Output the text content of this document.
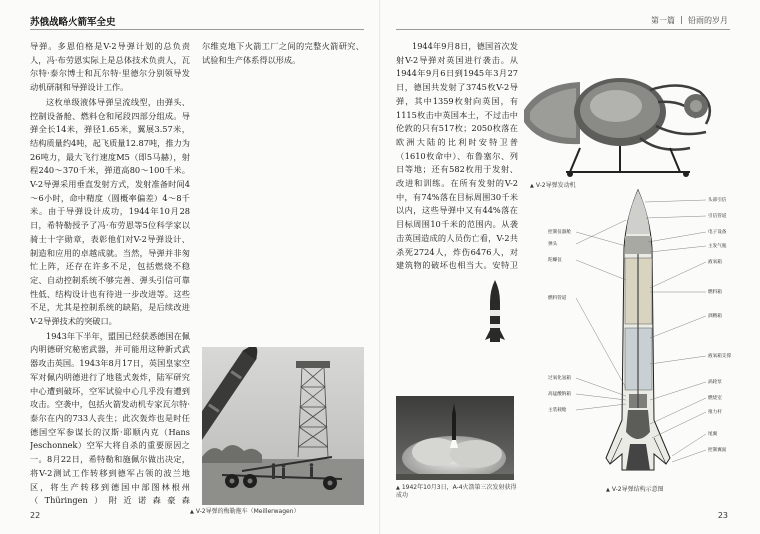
苏俄战略火箭军全史	第一篇 铅雨的岁月

导弹。多恩伯格是V-2导弹计划的总负责人，冯·布劳恩实际上是总体技术负责人，瓦尔特·泰尔博士和瓦尔特·里德尔分别领导发动机研制和导弹设计工作。

这枚单级液体导弹呈流线型，由弹头、控制设备舱、燃料仓和尾段四部分组成。导弹全长14米，弹径1.65米，翼展3.57米，结构质量约4吨，起飞质量12.87吨，推力为26吨力，最大飞行速度M5（即5马赫），射程240～370千米，弹道高80～100千米。V-2导弹采用垂直发射方式，发射准备时间4～6小时，命中精度（圆概率偏差）4～8千米。由于导弹设计成功，1944年10月28日，希特勒授予了冯·布劳恩等5位科学家以骑士十字勋章，表彰他们对V-2导弹设计、制造和应用的卓越成就。当然，导弹并非匆忙上阵，还存在许多不足，包括燃烧不稳定、自动控制系统不够完善、弹头引信可靠性低、结构设计也有待进一步改进等。这些不足，尤其是控制系统的缺陷，是后续改进V-2导弹技术的突破口。

1943年下半年，盟国已经获悉德国在佩内明德研究秘密武器，并可能用这种新式武器攻击英国。1943年8月17日，英国皇家空军对佩内明德进行了地毯式轰炸，陆军研究中心遭到破坏，空军试验中心几乎没有遭到攻击。空袭中，包括火箭发动机专家瓦尔特·泰尔在内的733人丧生；此次轰炸也是时任德国空军参谋长的汉斯·耶顺内克（Hans Jeschonnek）空军大将自杀的重要原因之一。8月22日，希特勒和施佩尔做出决定，将V-2测试工作转移到德军占领的波兰地区，将生产转移到德国中部图林根州（Thüringen）附近诺森豪森

尔维克地下火箭工厂之间的完整火箭研究、试验和生产体系得以形成。

▲ V-2导弹的梅勒拖车（Meillerwagen）
22
▲ V-2导弹发动机

1944年9月8日，德国首次发射V-2导弹对英国进行袭击。从1944年9月6日到1945年3月27日，德国共发射了3745枚V-2导弹，其中1359枚射向英国，有1115枚击中英国本土，不过击中伦敦的只有517枚；2050枚落在欧洲大陆的比利时安特卫普（1610枚命中）、布鲁塞尔、列日等地；还有582枚用于发射、改进和训练。在所有发射的V-2中，有74%落在目标周围30千米以内，这些导弹中又有44%落在目标周围10千米的范围内。从袭击英国造成的人员伤亡看，V-2共杀死2724人，炸伤6476人，对建筑物的破坏也相当大。安特卫

▲ 1942年10月3日，A-4火箭第三次发射获得成功
头部引信
引信管道
电子设备
主发气瓶
液氧箱
燃料箱
酒精箱
液氧箱支撑
涡轮泵
燃烧室
推力杆
尾翼
控制翼面
控制仪器舱
弹头
陀螺仪
燃料管道
过氧化氢箱
高锰酸钠箱
主装载舱
▲ V-2导弹结构示意图
23
